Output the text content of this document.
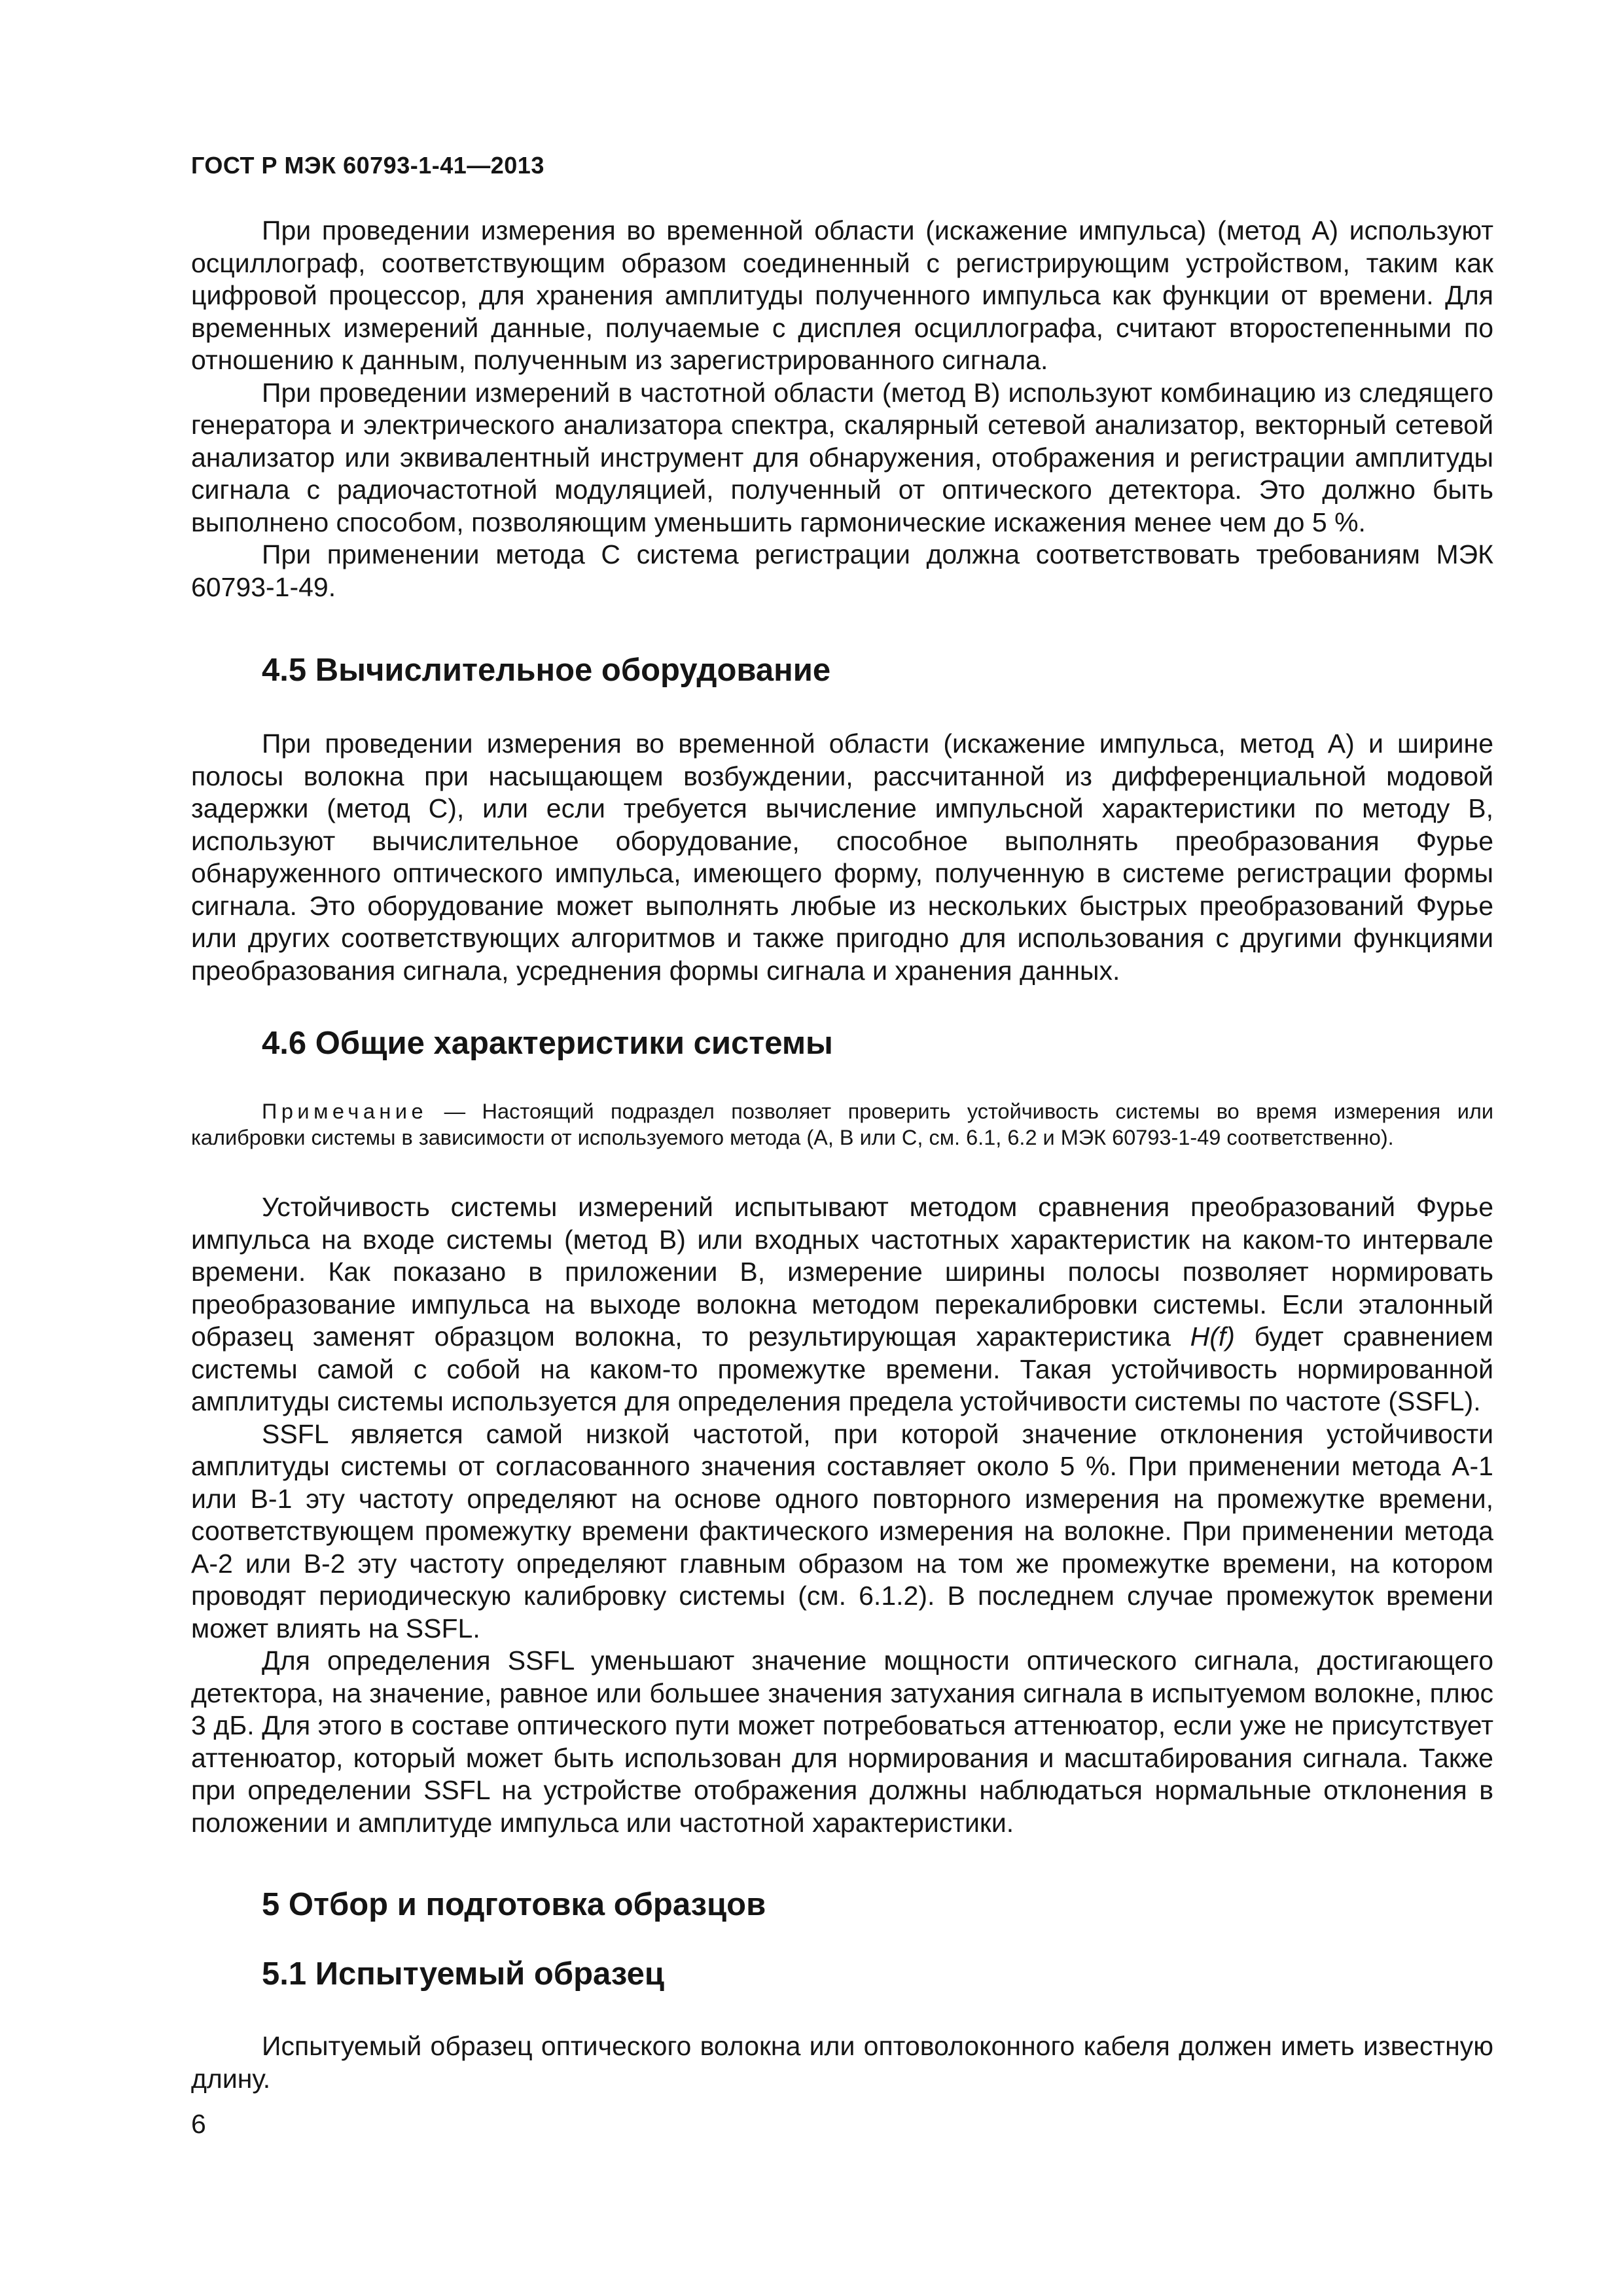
ГОСТ Р МЭК 60793-1-41—2013

При проведении измерения во временной области (искажение импульса) (метод А) используют осциллограф, соответствующим образом соединенный с регистрирующим устройством, таким как цифровой процессор, для хранения амплитуды полученного импульса как функции от времени. Для временных измерений данные, получаемые с дисплея осциллографа, считают второстепенными по отношению к данным, полученным из зарегистрированного сигнала.

При проведении измерений в частотной области (метод В) используют комбинацию из следящего генератора и электрического анализатора спектра, скалярный сетевой анализатор, векторный сетевой анализатор или эквивалентный инструмент для обнаружения, отображения и регистрации амплитуды сигнала с радиочастотной модуляцией, полученный от оптического детектора. Это должно быть выполнено способом, позволяющим уменьшить гармонические искажения менее чем до 5 %.

При применении метода С система регистрации должна соответствовать требованиям МЭК 60793-1-49.

4.5 Вычислительное оборудование

При проведении измерения во временной области (искажение импульса, метод А) и ширине полосы волокна при насыщающем возбуждении, рассчитанной из дифференциальной модовой задержки (метод С), или если требуется вычисление импульсной характеристики по методу В, используют вычислительное оборудование, способное выполнять преобразования Фурье обнаруженного оптического импульса, имеющего форму, полученную в системе регистрации формы сигнала. Это оборудование может выполнять любые из нескольких быстрых преобразований Фурье или других соответствующих алгоритмов и также пригодно для использования с другими функциями преобразования сигнала, усреднения формы сигнала и хранения данных.

4.6 Общие характеристики системы

Примечание — Настоящий подраздел позволяет проверить устойчивость системы во время измерения или калибровки системы в зависимости от используемого метода (А, В или С, см. 6.1, 6.2 и МЭК 60793-1-49 соответственно).

Устойчивость системы измерений испытывают методом сравнения преобразований Фурье импульса на входе системы (метод В) или входных частотных характеристик на каком-то интервале времени. Как показано в приложении В, измерение ширины полосы позволяет нормировать преобразование импульса на выходе волокна методом перекалибровки системы. Если эталонный образец заменят образцом волокна, то результирующая характеристика H(f) будет сравнением системы самой с собой на каком-то промежутке времени. Такая устойчивость нормированной амплитуды системы используется для определения предела устойчивости системы по частоте (SSFL).

SSFL является самой низкой частотой, при которой значение отклонения устойчивости амплитуды системы от согласованного значения составляет около 5 %. При применении метода А-1 или В-1 эту частоту определяют на основе одного повторного измерения на промежутке времени, соответствующем промежутку времени фактического измерения на волокне. При применении метода А-2 или В-2 эту частоту определяют главным образом на том же промежутке времени, на котором проводят периодическую калибровку системы (см. 6.1.2). В последнем случае промежуток времени может влиять на SSFL.

Для определения SSFL уменьшают значение мощности оптического сигнала, достигающего детектора, на значение, равное или большее значения затухания сигнала в испытуемом волокне, плюс 3 дБ. Для этого в составе оптического пути может потребоваться аттенюатор, если уже не присутствует аттенюатор, который может быть использован для нормирования и масштабирования сигнала. Также при определении SSFL на устройстве отображения должны наблюдаться нормальные отклонения в положении и амплитуде импульса или частотной характеристики.

5 Отбор и подготовка образцов
5.1 Испытуемый образец

Испытуемый образец оптического волокна или оптоволоконного кабеля должен иметь известную длину.

6
